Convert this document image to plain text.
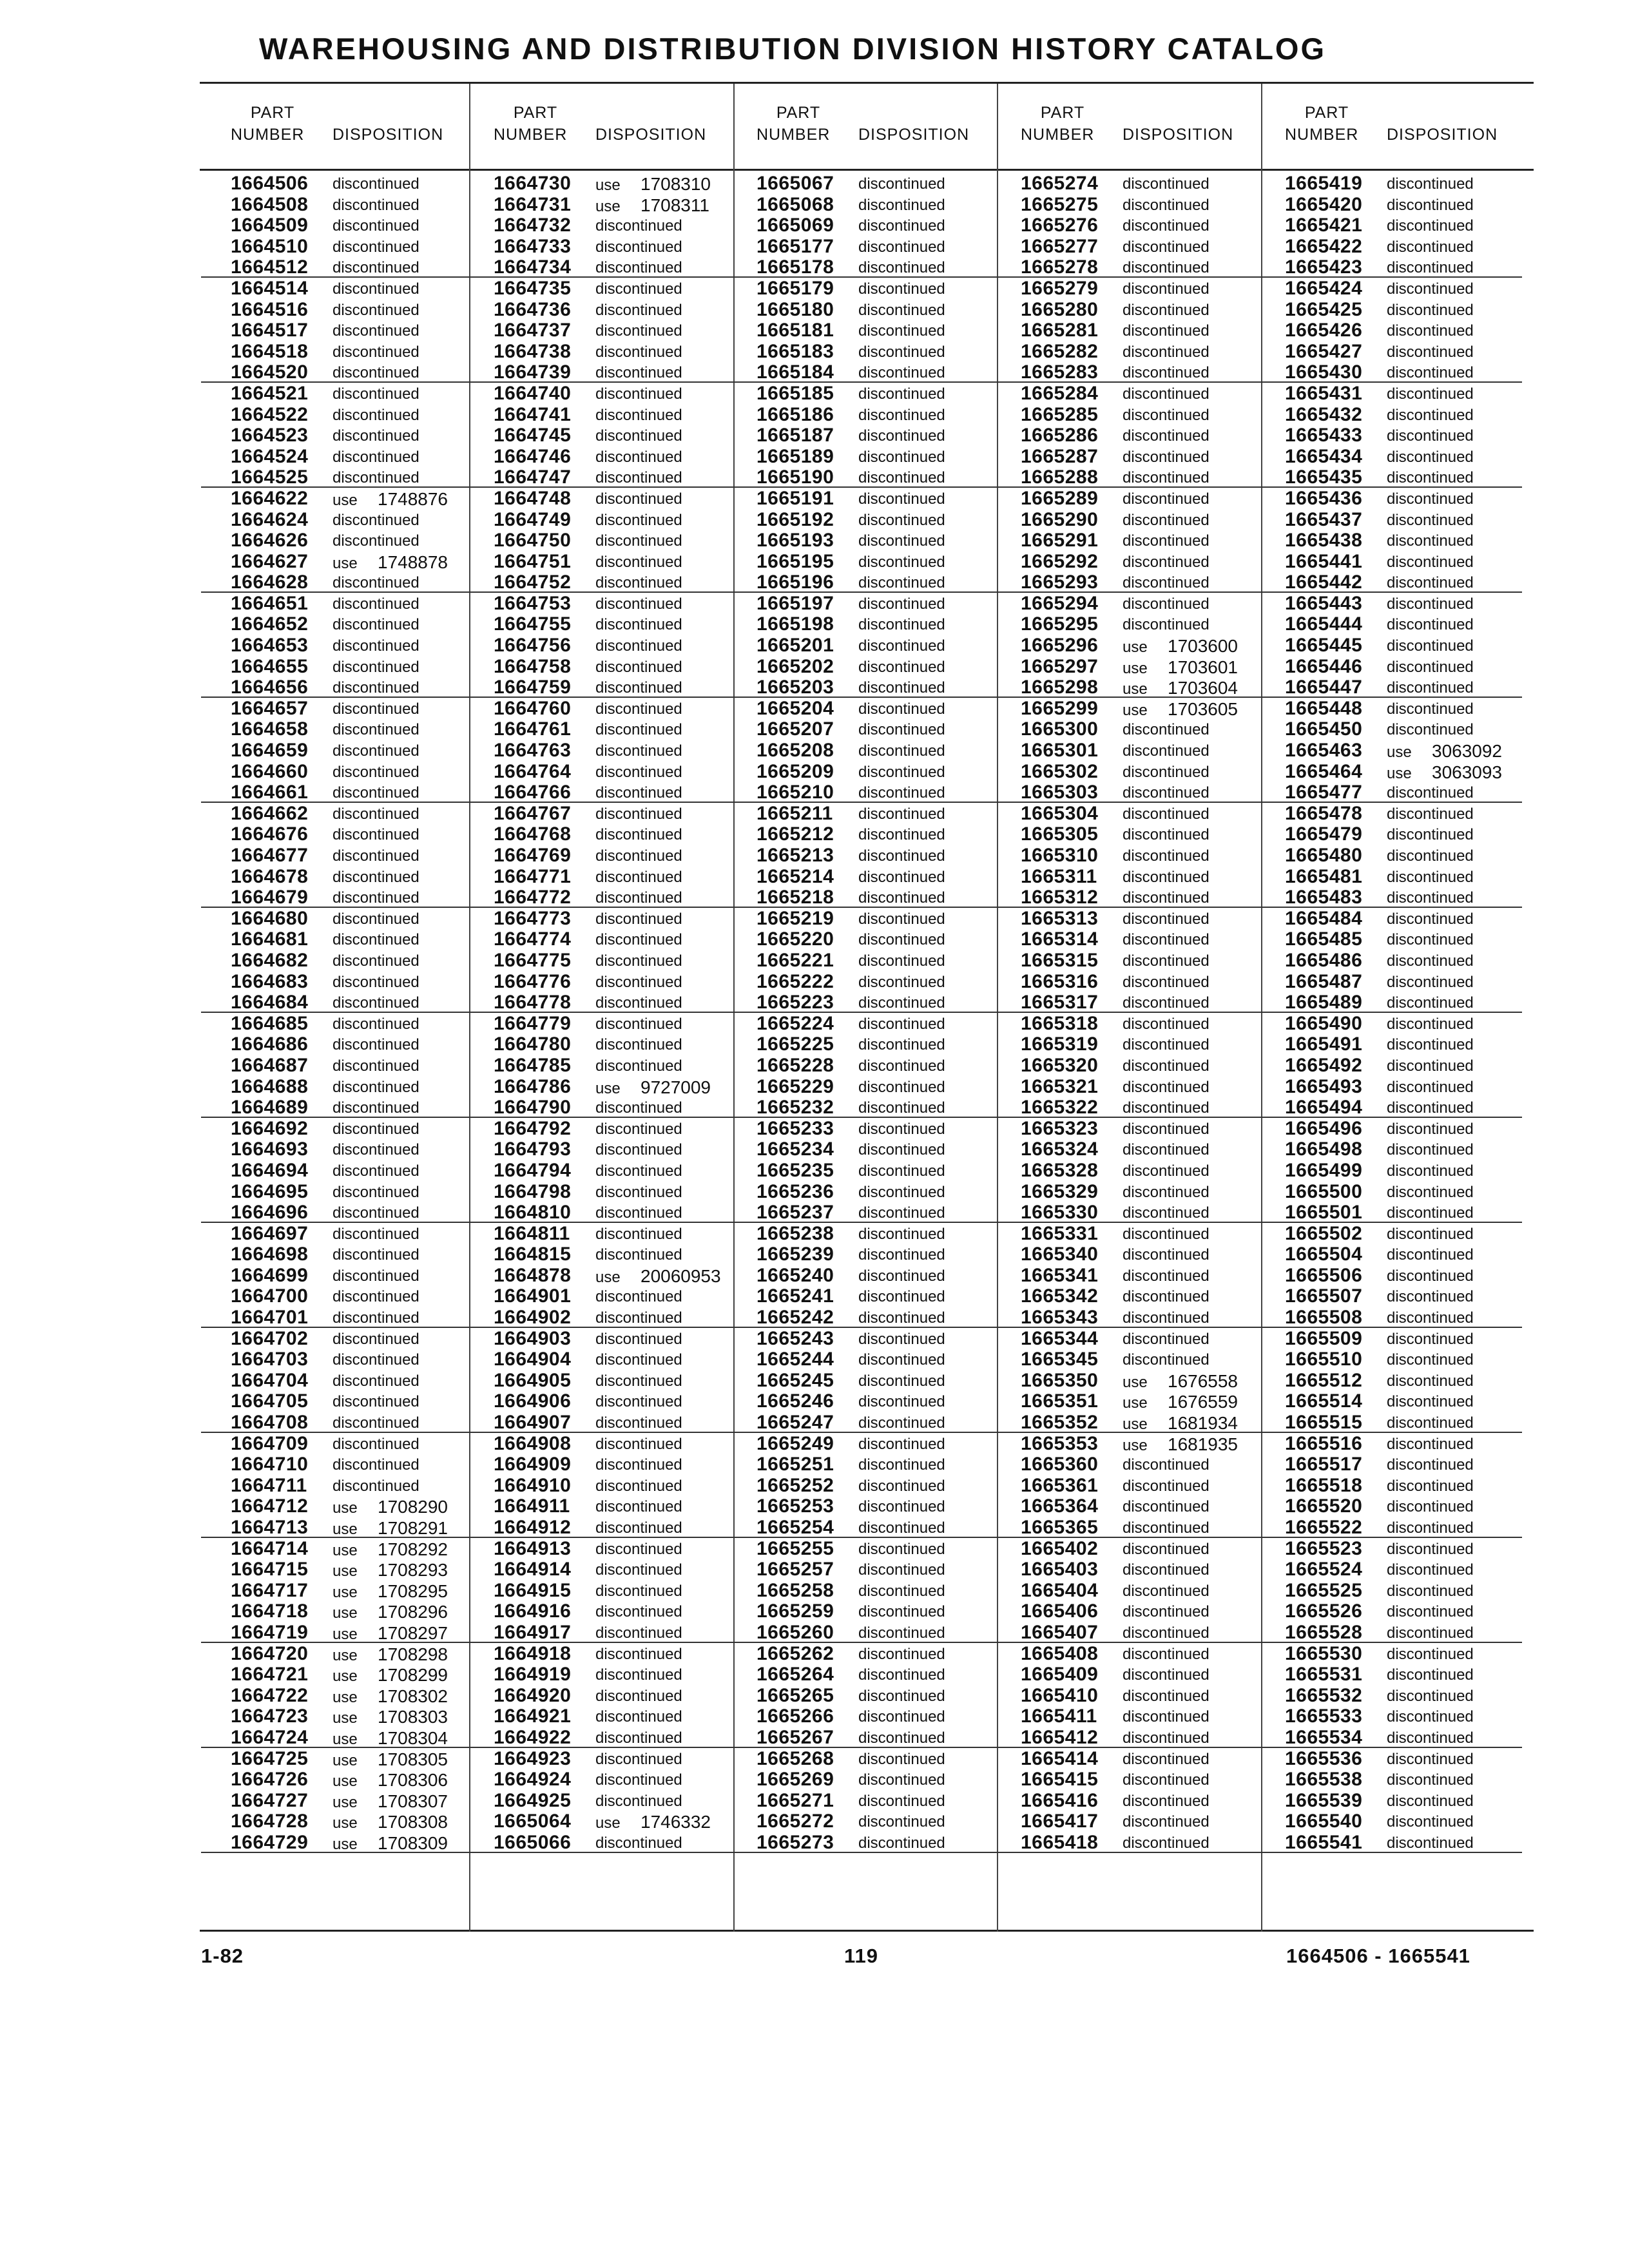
WAREHOUSING AND DISTRIBUTION DIVISION HISTORY CATALOG
PART
NUMBER DISPOSITION
PART
NUMBER DISPOSITION
PART
NUMBER DISPOSITION
PART
NUMBER DISPOSITION
PART
NUMBER DISPOSITION
1664506 discontinued
1664508 discontinued
1664509 discontinued
1664510 discontinued
1664512 discontinued
1664514 discontinued
1664516 discontinued
1664517 discontinued
1664518 discontinued
1664520 discontinued
1664521 discontinued
1664522 discontinued
1664523 discontinued
1664524 discontinued
1664525 discontinued
1664622 use 1748876
1664624 discontinued
1664626 discontinued
1664627 use 1748878
1664628 discontinued
1664651 discontinued
1664652 discontinued
1664653 discontinued
1664655 discontinued
1664656 discontinued
1664657 discontinued
1664658 discontinued
1664659 discontinued
1664660 discontinued
1664661 discontinued
1664662 discontinued
1664676 discontinued
1664677 discontinued
1664678 discontinued
1664679 discontinued
1664680 discontinued
1664681 discontinued
1664682 discontinued
1664683 discontinued
1664684 discontinued
1664685 discontinued
1664686 discontinued
1664687 discontinued
1664688 discontinued
1664689 discontinued
1664692 discontinued
1664693 discontinued
1664694 discontinued
1664695 discontinued
1664696 discontinued
1664697 discontinued
1664698 discontinued
1664699 discontinued
1664700 discontinued
1664701 discontinued
1664702 discontinued
1664703 discontinued
1664704 discontinued
1664705 discontinued
1664708 discontinued
1664709 discontinued
1664710 discontinued
1664711 discontinued
1664712 use 1708290
1664713 use 1708291
1664714 use 1708292
1664715 use 1708293
1664717 use 1708295
1664718 use 1708296
1664719 use 1708297
1664720 use 1708298
1664721 use 1708299
1664722 use 1708302
1664723 use 1708303
1664724 use 1708304
1664725 use 1708305
1664726 use 1708306
1664727 use 1708307
1664728 use 1708308
1664729 use 1708309
1664730 use 1708310
1664731 use 1708311
1664732 discontinued
1664733 discontinued
1664734 discontinued
1664735 discontinued
1664736 discontinued
1664737 discontinued
1664738 discontinued
1664739 discontinued
1664740 discontinued
1664741 discontinued
1664745 discontinued
1664746 discontinued
1664747 discontinued
1664748 discontinued
1664749 discontinued
1664750 discontinued
1664751 discontinued
1664752 discontinued
1664753 discontinued
1664755 discontinued
1664756 discontinued
1664758 discontinued
1664759 discontinued
1664760 discontinued
1664761 discontinued
1664763 discontinued
1664764 discontinued
1664766 discontinued
1664767 discontinued
1664768 discontinued
1664769 discontinued
1664771 discontinued
1664772 discontinued
1664773 discontinued
1664774 discontinued
1664775 discontinued
1664776 discontinued
1664778 discontinued
1664779 discontinued
1664780 discontinued
1664785 discontinued
1664786 use 9727009
1664790 discontinued
1664792 discontinued
1664793 discontinued
1664794 discontinued
1664798 discontinued
1664810 discontinued
1664811 discontinued
1664815 discontinued
1664878 use 20060953
1664901 discontinued
1664902 discontinued
1664903 discontinued
1664904 discontinued
1664905 discontinued
1664906 discontinued
1664907 discontinued
1664908 discontinued
1664909 discontinued
1664910 discontinued
1664911 discontinued
1664912 discontinued
1664913 discontinued
1664914 discontinued
1664915 discontinued
1664916 discontinued
1664917 discontinued
1664918 discontinued
1664919 discontinued
1664920 discontinued
1664921 discontinued
1664922 discontinued
1664923 discontinued
1664924 discontinued
1664925 discontinued
1665064 use 1746332
1665066 discontinued
1665067 discontinued
1665068 discontinued
1665069 discontinued
1665177 discontinued
1665178 discontinued
1665179 discontinued
1665180 discontinued
1665181 discontinued
1665183 discontinued
1665184 discontinued
1665185 discontinued
1665186 discontinued
1665187 discontinued
1665189 discontinued
1665190 discontinued
1665191 discontinued
1665192 discontinued
1665193 discontinued
1665195 discontinued
1665196 discontinued
1665197 discontinued
1665198 discontinued
1665201 discontinued
1665202 discontinued
1665203 discontinued
1665204 discontinued
1665207 discontinued
1665208 discontinued
1665209 discontinued
1665210 discontinued
1665211 discontinued
1665212 discontinued
1665213 discontinued
1665214 discontinued
1665218 discontinued
1665219 discontinued
1665220 discontinued
1665221 discontinued
1665222 discontinued
1665223 discontinued
1665224 discontinued
1665225 discontinued
1665228 discontinued
1665229 discontinued
1665232 discontinued
1665233 discontinued
1665234 discontinued
1665235 discontinued
1665236 discontinued
1665237 discontinued
1665238 discontinued
1665239 discontinued
1665240 discontinued
1665241 discontinued
1665242 discontinued
1665243 discontinued
1665244 discontinued
1665245 discontinued
1665246 discontinued
1665247 discontinued
1665249 discontinued
1665251 discontinued
1665252 discontinued
1665253 discontinued
1665254 discontinued
1665255 discontinued
1665257 discontinued
1665258 discontinued
1665259 discontinued
1665260 discontinued
1665262 discontinued
1665264 discontinued
1665265 discontinued
1665266 discontinued
1665267 discontinued
1665268 discontinued
1665269 discontinued
1665271 discontinued
1665272 discontinued
1665273 discontinued
1665274 discontinued
1665275 discontinued
1665276 discontinued
1665277 discontinued
1665278 discontinued
1665279 discontinued
1665280 discontinued
1665281 discontinued
1665282 discontinued
1665283 discontinued
1665284 discontinued
1665285 discontinued
1665286 discontinued
1665287 discontinued
1665288 discontinued
1665289 discontinued
1665290 discontinued
1665291 discontinued
1665292 discontinued
1665293 discontinued
1665294 discontinued
1665295 discontinued
1665296 use 1703600
1665297 use 1703601
1665298 use 1703604
1665299 use 1703605
1665300 discontinued
1665301 discontinued
1665302 discontinued
1665303 discontinued
1665304 discontinued
1665305 discontinued
1665310 discontinued
1665311 discontinued
1665312 discontinued
1665313 discontinued
1665314 discontinued
1665315 discontinued
1665316 discontinued
1665317 discontinued
1665318 discontinued
1665319 discontinued
1665320 discontinued
1665321 discontinued
1665322 discontinued
1665323 discontinued
1665324 discontinued
1665328 discontinued
1665329 discontinued
1665330 discontinued
1665331 discontinued
1665340 discontinued
1665341 discontinued
1665342 discontinued
1665343 discontinued
1665344 discontinued
1665345 discontinued
1665350 use 1676558
1665351 use 1676559
1665352 use 1681934
1665353 use 1681935
1665360 discontinued
1665361 discontinued
1665364 discontinued
1665365 discontinued
1665402 discontinued
1665403 discontinued
1665404 discontinued
1665406 discontinued
1665407 discontinued
1665408 discontinued
1665409 discontinued
1665410 discontinued
1665411 discontinued
1665412 discontinued
1665414 discontinued
1665415 discontinued
1665416 discontinued
1665417 discontinued
1665418 discontinued
1665419 discontinued
1665420 discontinued
1665421 discontinued
1665422 discontinued
1665423 discontinued
1665424 discontinued
1665425 discontinued
1665426 discontinued
1665427 discontinued
1665430 discontinued
1665431 discontinued
1665432 discontinued
1665433 discontinued
1665434 discontinued
1665435 discontinued
1665436 discontinued
1665437 discontinued
1665438 discontinued
1665441 discontinued
1665442 discontinued
1665443 discontinued
1665444 discontinued
1665445 discontinued
1665446 discontinued
1665447 discontinued
1665448 discontinued
1665450 discontinued
1665463 use 3063092
1665464 use 3063093
1665477 discontinued
1665478 discontinued
1665479 discontinued
1665480 discontinued
1665481 discontinued
1665483 discontinued
1665484 discontinued
1665485 discontinued
1665486 discontinued
1665487 discontinued
1665489 discontinued
1665490 discontinued
1665491 discontinued
1665492 discontinued
1665493 discontinued
1665494 discontinued
1665496 discontinued
1665498 discontinued
1665499 discontinued
1665500 discontinued
1665501 discontinued
1665502 discontinued
1665504 discontinued
1665506 discontinued
1665507 discontinued
1665508 discontinued
1665509 discontinued
1665510 discontinued
1665512 discontinued
1665514 discontinued
1665515 discontinued
1665516 discontinued
1665517 discontinued
1665518 discontinued
1665520 discontinued
1665522 discontinued
1665523 discontinued
1665524 discontinued
1665525 discontinued
1665526 discontinued
1665528 discontinued
1665530 discontinued
1665531 discontinued
1665532 discontinued
1665533 discontinued
1665534 discontinued
1665536 discontinued
1665538 discontinued
1665539 discontinued
1665540 discontinued
1665541 discontinued
1-82	119	1664506 - 1665541
